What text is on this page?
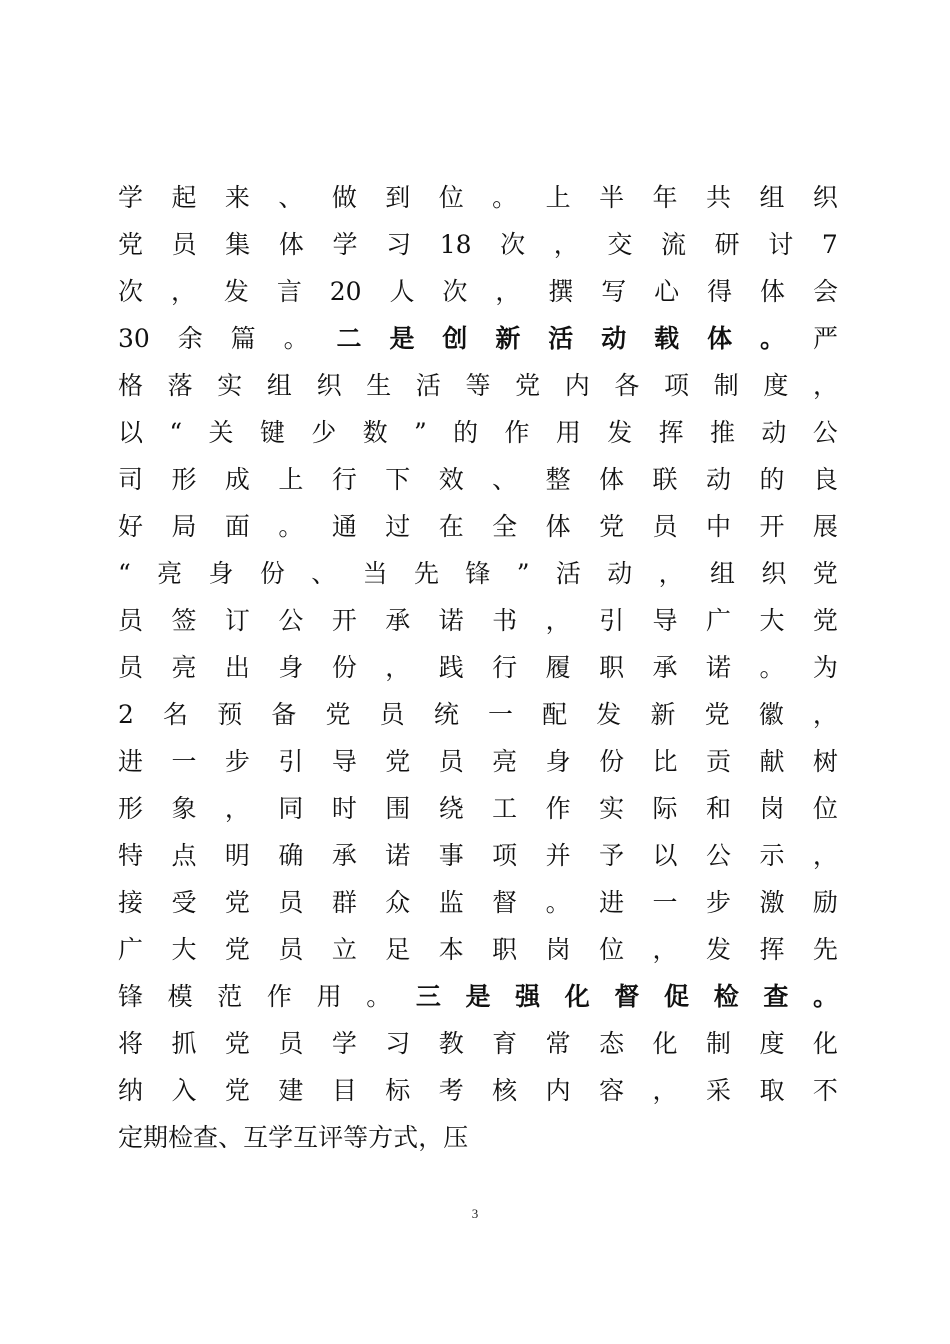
学 起 来 、 做 到 位 。 上 半 年 共 组 织
党 员 集 体 学 习 18 次 ， 交 流 研 讨 7
次 ， 发 言 20 人 次 ， 撰 写 心 得 体 会
30 余 篇 。 二 是 创 新 活 动 载 体 。 严
格 落 实 组 织 生 活 等 党 内 各 项 制 度 ，
以 “ 关 键 少 数 ” 的 作 用 发 挥 推 动 公
司 形 成 上 行 下 效 、 整 体 联 动 的 良
好 局 面 。 通 过 在 全 体 党 员 中 开 展
“ 亮 身 份 、 当 先 锋 ” 活 动 ， 组 织 党
员 签 订 公 开 承 诺 书 ， 引 导 广 大 党
员 亮 出 身 份 ， 践 行 履 职 承 诺 。 为
2 名 预 备 党 员 统 一 配 发 新 党 徽 ，
进 一 步 引 导 党 员 亮 身 份 比 贡 献 树
形 象 ， 同 时 围 绕 工 作 实 际 和 岗 位
特 点 明 确 承 诺 事 项 并 予 以 公 示 ，
接 受 党 员 群 众 监 督 。 进 一 步 激 励
广 大 党 员 立 足 本 职 岗 位 ， 发 挥 先
锋 模 范 作 用 。 三 是 强 化 督 促 检 查 。
将 抓 党 员 学 习 教 育 常 态 化 制 度 化
纳 入 党 建 目 标 考 核 内 容 ， 采 取 不
定 期 检 查 、 互 学 互 评 等 方 式 ， 压
3
